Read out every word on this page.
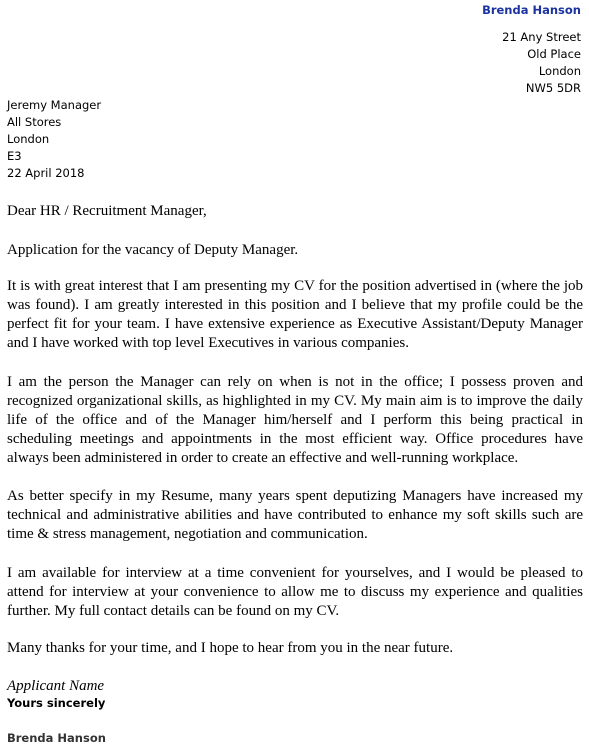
Brenda Hanson
21 Any Street
Old Place
London
NW5 5DR
Jeremy Manager
All Stores
London
E3
22 April 2018

Dear HR / Recruitment Manager,

Application for the vacancy of Deputy Manager.

It is with great interest that I am presenting my CV for the position advertised in (where the job was found). I am greatly interested in this position and I believe that my profile could be the perfect fit for your team. I have extensive experience as Executive Assistant/Deputy Manager and I have worked with top level Executives in various companies.

I am the person the Manager can rely on when is not in the office; I possess proven and recognized organizational skills, as highlighted in my CV. My main aim is to improve the daily life of the office and of the Manager him/herself and I perform this being practical in scheduling meetings and appointments in the most efficient way. Office procedures have always been administered in order to create an effective and well-running workplace.

As better specify in my Resume, many years spent deputizing Managers have increased my technical and administrative abilities and have contributed to enhance my soft skills such are time & stress management, negotiation and communication.

I am available for interview at a time convenient for yourselves, and I would be pleased to attend for interview at your convenience to allow me to discuss my experience and qualities further. My full contact details can be found on my CV.

Many thanks for your time, and I hope to hear from you in the near future.

Applicant Name
Yours sincerely
Brenda Hanson
